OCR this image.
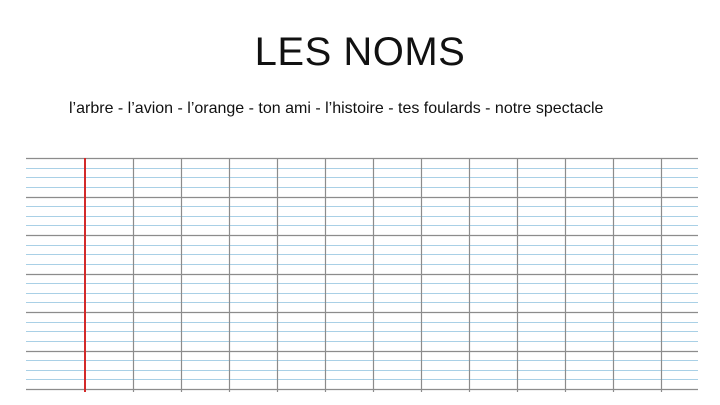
LES NOMS
l’arbre - l’avion - l’orange - ton ami - l’histoire - tes foulards - notre spectacle
